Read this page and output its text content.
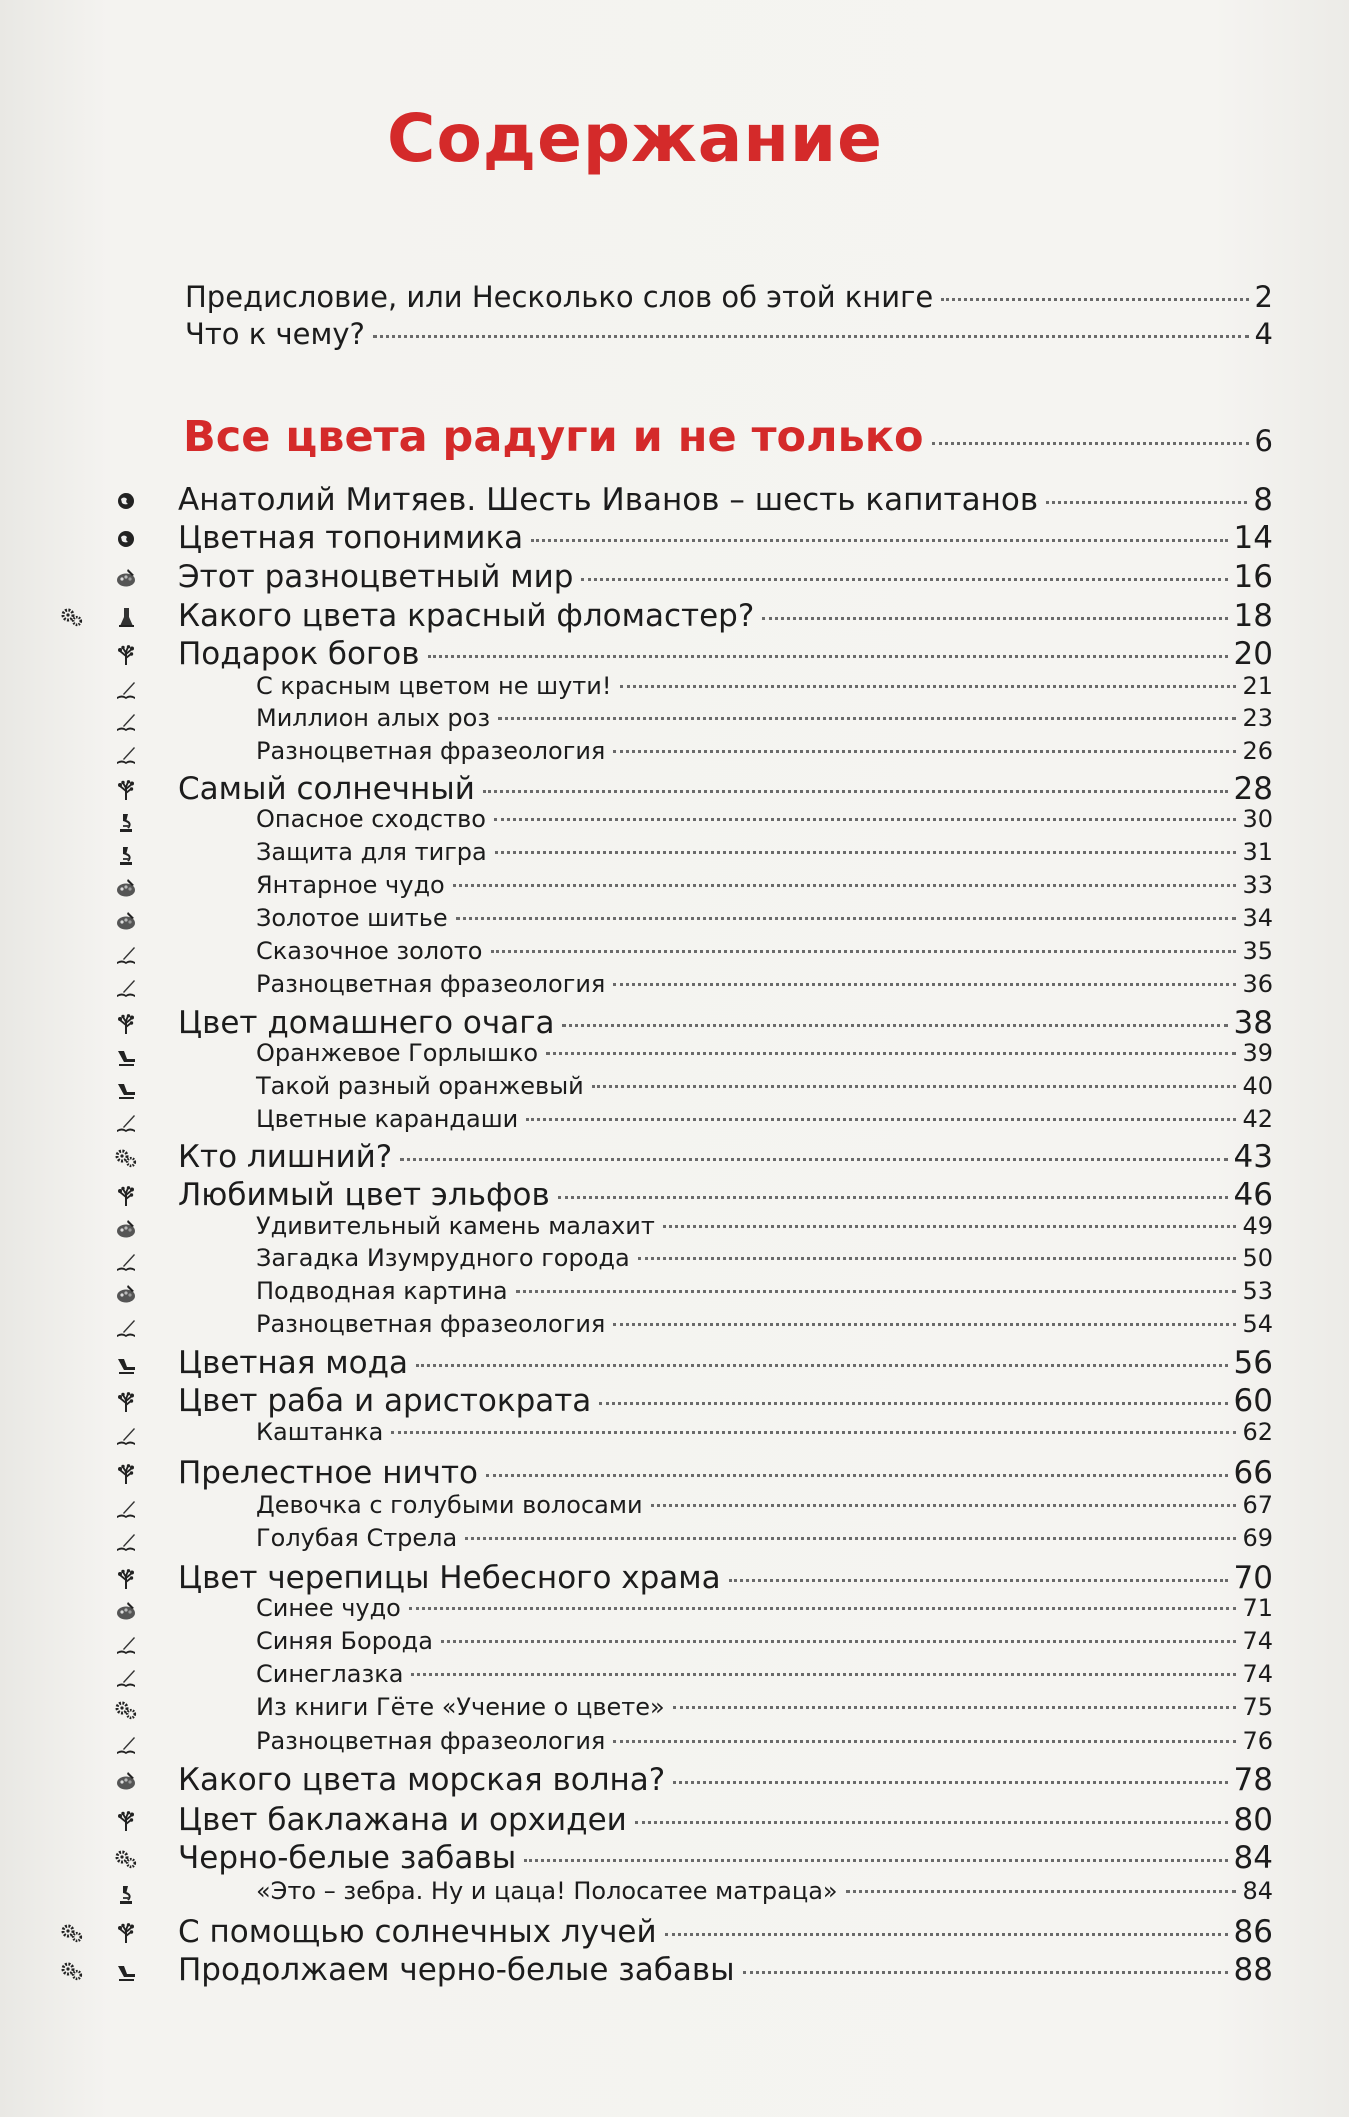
Содержание
Предисловие, или Несколько слов об этой книге	2
Что к чему?	4
Все цвета радуги и не только	6
Анатолий Митяев. Шесть Иванов – шесть капитанов	8
Цветная топонимика	14
Этот разноцветный мир	16
Какого цвета красный фломастер?	18
Подарок богов	20
С красным цветом не шути!	21
Миллион алых роз	23
Разноцветная фразеология	26
Самый солнечный	28
Опасное сходство	30
Защита для тигра	31
Янтарное чудо	33
Золотое шитье	34
Сказочное золото	35
Разноцветная фразеология	36
Цвет домашнего очага	38
Оранжевое Горлышко	39
Такой разный оранжевый	40
Цветные карандаши	42
Кто лишний?	43
Любимый цвет эльфов	46
Удивительный камень малахит	49
Загадка Изумрудного города	50
Подводная картина	53
Разноцветная фразеология	54
Цветная мода	56
Цвет раба и аристократа	60
Каштанка	62
Прелестное ничто	66
Девочка с голубыми волосами	67
Голубая Стрела	69
Цвет черепицы Небесного храма	70
Синее чудо	71
Синяя Борода	74
Синеглазка	74
Из книги Гёте «Учение о цвете»	75
Разноцветная фразеология	76
Какого цвета морская волна?	78
Цвет баклажана и орхидеи	80
Черно-белые забавы	84
«Это – зебра. Ну и цаца! Полосатее матраца»	84
С помощью солнечных лучей	86
Продолжаем черно-белые забавы	88
